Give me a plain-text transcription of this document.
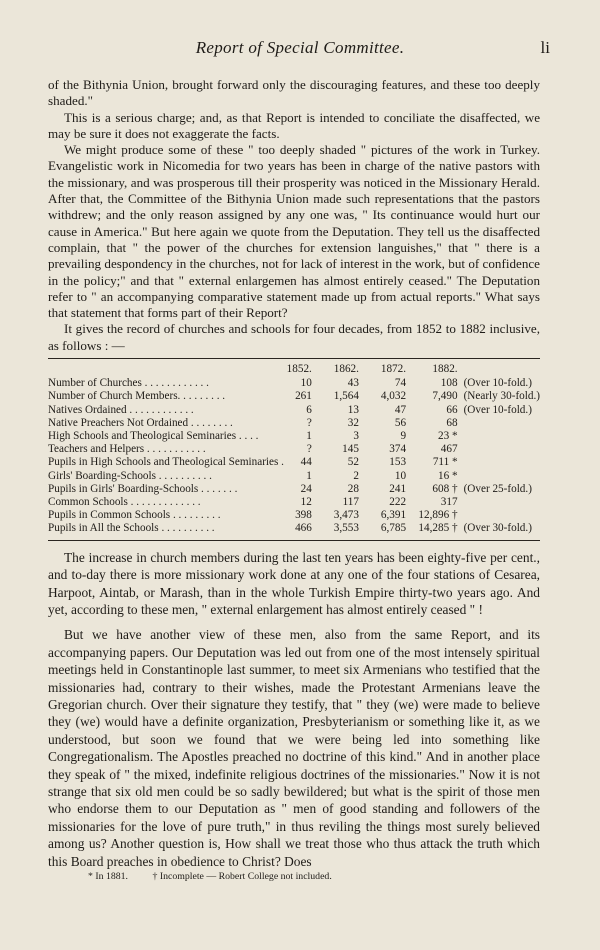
Report of Special Committee.	li

of the Bithynia Union, brought forward only the discouraging features, and these too deeply shaded."

This is a serious charge; and, as that Report is intended to conciliate the disaffected, we may be sure it does not exaggerate the facts.

We might produce some of these " too deeply shaded " pictures of the work in Turkey. Evangelistic work in Nicomedia for two years has been in charge of the native pastors with the missionary, and was prosperous till their prosperity was noticed in the Missionary Herald. After that, the Committee of the Bithynia Union made such representations that the pastors withdrew; and the only reason assigned by any one was, " Its continuance would hurt our cause in America." But here again we quote from the Deputation. They tell us the disaffected complain, that " the power of the churches for extension languishes," that " there is a prevailing despondency in the churches, not for lack of interest in the work, but of confidence in the policy;" and that " external enlargemen has almost entirely ceased." The Deputation refer to " an accompanying comparative statement made up from actual reports." What says that statement that forms part of their Report?

It gives the record of churches and schools for four decades, from 1852 to 1882 inclusive, as follows : —

	1852.	1862.	1872.	1882.	
Number of Churches . . . . . . . . . . . .	10	43	74	108	(Over 10-fold.)
Number of Church Members. . . . . . . . .	261	1,564	4,032	7,490	(Nearly 30-fold.)
Natives Ordained . . . . . . . . . . . .	6	13	47	66	(Over 10-fold.)
Native Preachers Not Ordained . . . . . . . .	?	32	56	68	
High Schools and Theological Seminaries . . . .	1	3	9	23 *	
Teachers and Helpers . . . . . . . . . . .	?	145	374	467	
Pupils in High Schools and Theological Seminaries .	44	52	153	711 *	
Girls' Boarding-Schools . . . . . . . . . .	1	2	10	16 *	
Pupils in Girls' Boarding-Schools . . . . . . .	24	28	241	608 †	(Over 25-fold.)
Common Schools . . . . . . . . . . . . .	12	117	222	317	
Pupils in Common Schools . . . . . . . . .	398	3,473	6,391	12,896 †	
Pupils in All the Schools . . . . . . . . . .	466	3,553	6,785	14,285 †	(Over 30-fold.)

The increase in church members during the last ten years has been eighty-five per cent., and to-day there is more missionary work done at any one of the four stations of Cesarea, Harpoot, Aintab, or Marash, than in the whole Turkish Empire thirty-two years ago. And yet, according to these men, " external enlargement has almost entirely ceased " !

But we have another view of these men, also from the same Report, and its accompanying papers. Our Deputation was led out from one of the most intensely spiritual meetings held in Constantinople last summer, to meet six Armenians who testified that the missionaries had, contrary to their wishes, made the Protestant Armenians leave the Gregorian church. Over their signature they testify, that " they (we) were made to believe they (we) would have a definite organization, Presbyterianism or something like it, as we understood, but soon we found that we were being led into something like Congregationalism. The Apostles preached no doctrine of this kind." And in another place they speak of " the mixed, indefinite religious doctrines of the missionaries." Now it is not strange that six old men could be so sadly bewildered; but what is the spirit of those men who endorse them to our Deputation as " men of good standing and followers of the missionaries for the love of pure truth," in thus reviling the things most surely believed among us? Another question is, How shall we treat those who thus attack the truth which this Board preaches in obedience to Christ? Does

* In 1881. † Incomplete — Robert College not included.
